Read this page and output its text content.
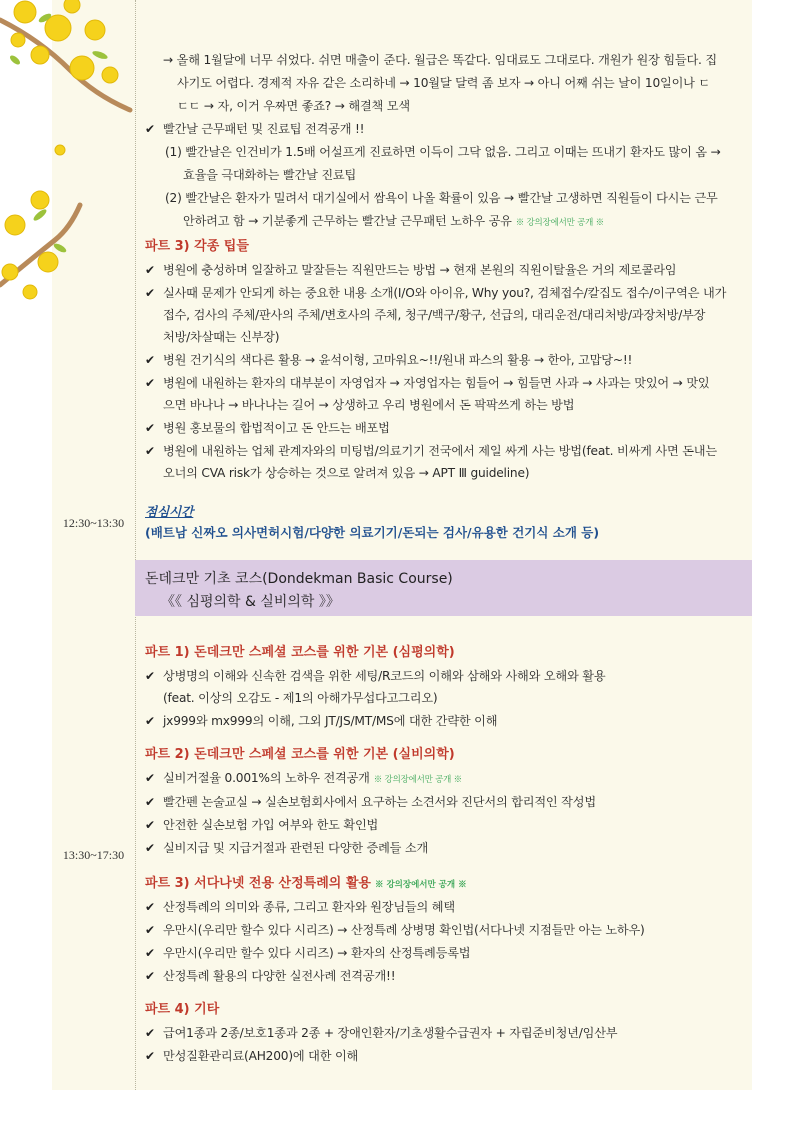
→ 올해 1월달에 너무 쉬었다. 쉬면 매출이 준다. 월급은 똑같다. 임대료도 그대로다. 개원가 원장 힘들다. 집
사기도 어렵다. 경제적 자유 같은 소리하네 → 10월달 달력 좀 보자 → 아니 어째 쉬는 날이 10일이나 ㄷ
ㄷㄷ → 자, 이거 우짜면 좋죠? → 해결책 모색
✔ 빨간날 근무패턴 및 진료팁 전격공개 !!
(1) 빨간날은 인건비가 1.5배 어설프게 진료하면 이득이 그닥 없음. 그리고 이때는 뜨내기 환자도 많이 옴 →
효율을 극대화하는 빨간날 진료팁
(2) 빨간날은 환자가 밀려서 대기실에서 쌈욕이 나올 확률이 있음 → 빨간날 고생하면 직원들이 다시는 근무
안하려고 함 → 기분좋게 근무하는 빨간날 근무패턴 노하우 공유 ※ 강의장에서만 공개 ※
파트 3) 각종 팁들
✔ 병원에 충성하며 일잘하고 말잘듣는 직원만드는 방법 → 현재 본원의 직원이탈율은 거의 제로콜라임
✔ 실사때 문제가 안되게 하는 중요한 내용 소개(I/O와 아이유, Why you?, 검체접수/칼집도 접수/이구역은 내가
접수, 검사의 주체/판사의 주체/변호사의 주체, 청구/백구/황구, 선급의, 대리운전/대리처방/과장처방/부장
처방/차살때는 신부장)
✔ 병원 건기식의 색다른 활용 → 윤석이형, 고마워요~!!/원내 파스의 활용 → 한아, 고맙당~!!
✔ 병원에 내원하는 환자의 대부분이 자영업자 → 자영업자는 힘들어 → 힘들면 사과 → 사과는 맛있어 → 맛있
으면 바나나 → 바나나는 길어 → 상생하고 우리 병원에서 돈 팍팍쓰게 하는 방법
✔ 병원 홍보물의 합법적이고 돈 안드는 배포법
✔ 병원에 내원하는 업체 관계자와의 미팅법/의료기기 전국에서 제일 싸게 사는 방법(feat. 비싸게 사면 돈내는
오너의 CVA risk가 상승하는 것으로 알려져 있음 → APT Ⅲ guideline)
12:30~13:30
점심시간
(배트남 신짜오 의사면허시험/다양한 의료기기/돈되는 검사/유용한 건기식 소개 등)
돈데크만 기초 코스(Dondekman Basic Course)
《《 심평의학 & 실비의학 》》
13:30~17:30
파트 1) 돈데크만 스페셜 코스를 위한 기본 (심평의학)
✔ 상병명의 이해와 신속한 검색을 위한 세팅/R코드의 이해와 삼해와 사해와 오해와 활용
(feat. 이상의 오감도 - 제1의 아해가무섭다고그리오)
✔ jx999와 mx999의 이해, 그외 JT/JS/MT/MS에 대한 간략한 이해
파트 2) 돈데크만 스페셜 코스를 위한 기본 (실비의학)
✔ 실비거절율 0.001%의 노하우 전격공개 ※ 강의장에서만 공개 ※
✔ 빨간펜 논술교실 → 실손보험회사에서 요구하는 소견서와 진단서의 합리적인 작성법
✔ 안전한 실손보험 가입 여부와 한도 확인법
✔ 실비지급 및 지급거절과 관련된 다양한 증례들 소개
파트 3) 서다나넷 전용 산정특례의 활용 ※ 강의장에서만 공개 ※
✔ 산정특례의 의미와 종류, 그리고 환자와 원장님들의 혜택
✔ 우만시(우리만 할수 있다 시리즈) → 산정특례 상병명 확인법(서다나넷 지점들만 아는 노하우)
✔ 우만시(우리만 할수 있다 시리즈) → 환자의 산정특례등록법
✔ 산정특례 활용의 다양한 실전사례 전격공개!!
파트 4) 기타
✔ 급여1종과 2종/보호1종과 2종 + 장애인환자/기초생활수급권자 + 자립준비청년/임산부
✔ 만성질환관리료(AH200)에 대한 이해
